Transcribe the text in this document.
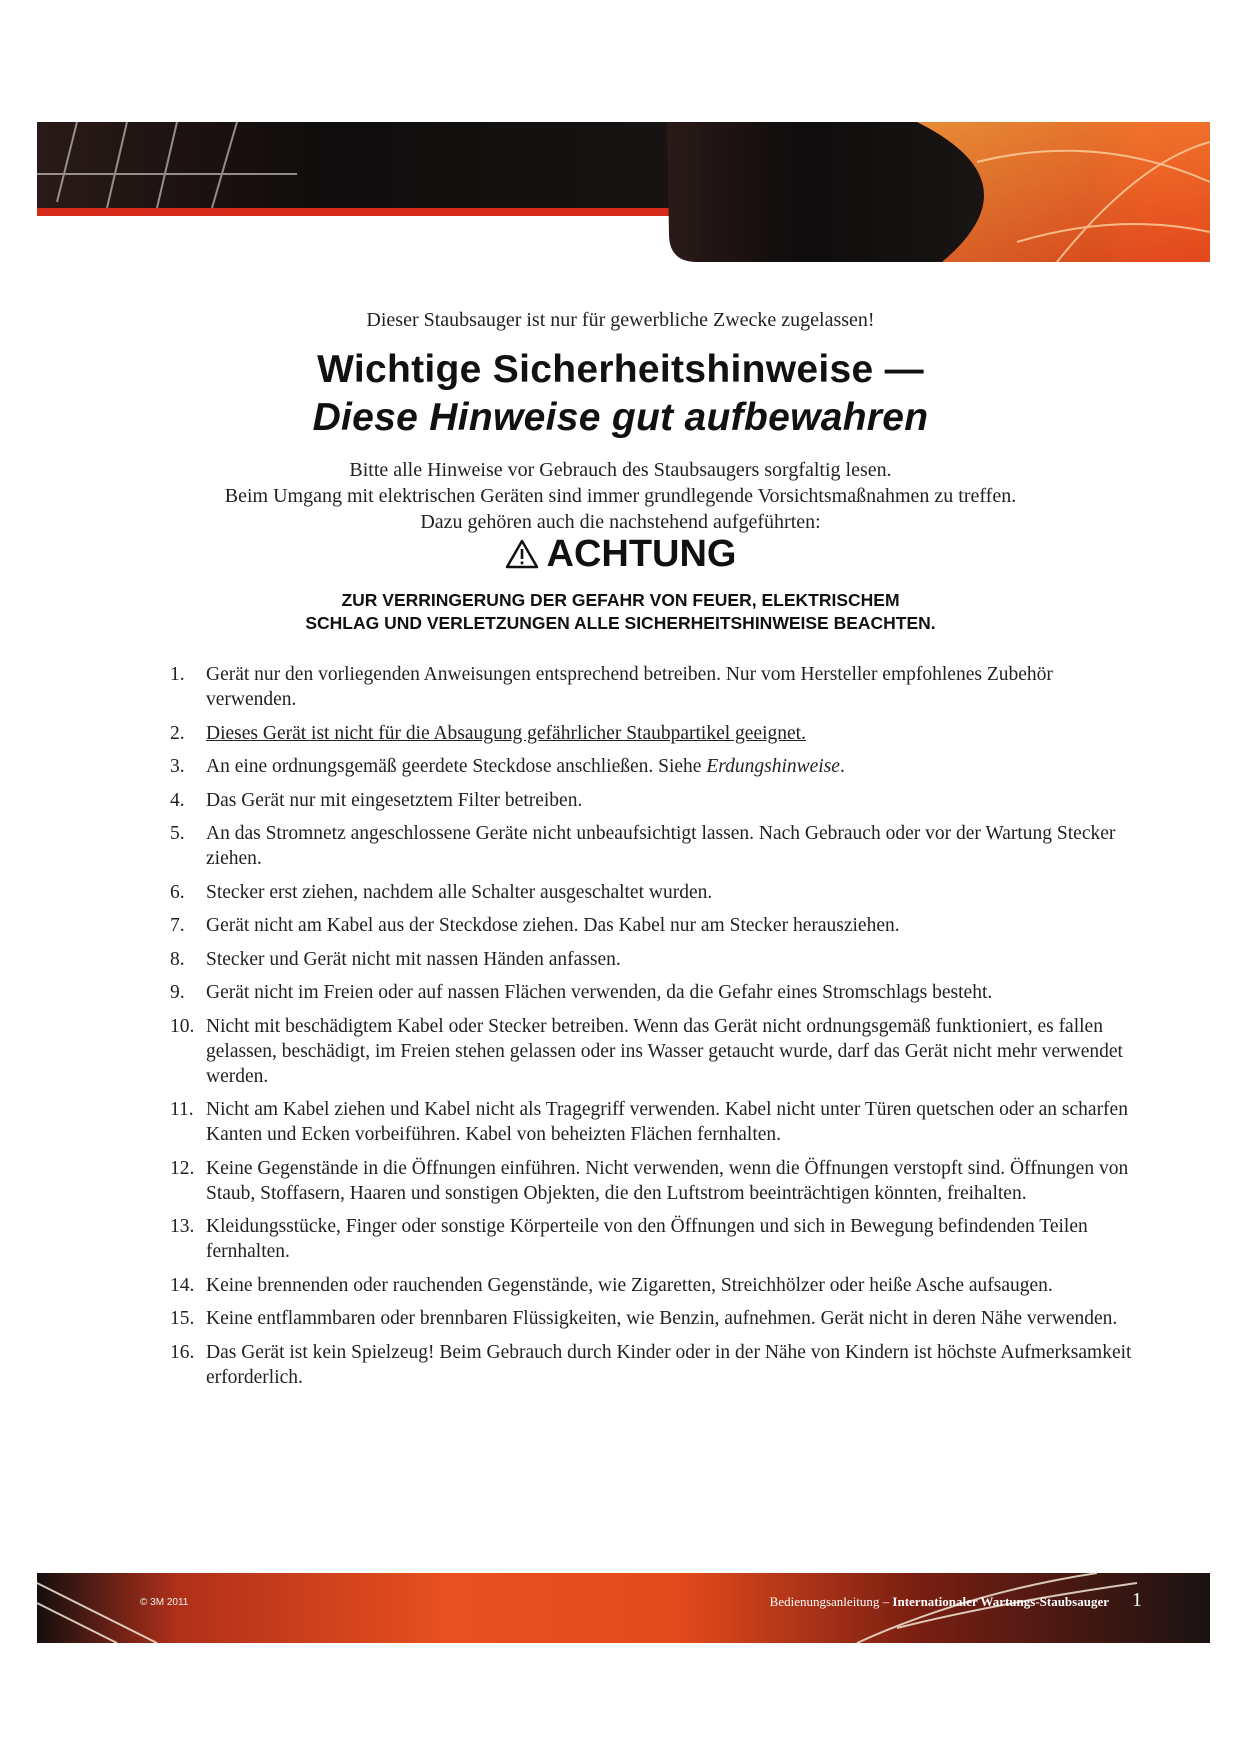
Dieser Staubsauger ist nur für gewerbliche Zwecke zugelassen!
Wichtige Sicherheitshinweise —
Diese Hinweise gut aufbewahren
Bitte alle Hinweise vor Gebrauch des Staubsaugers sorgfaltig lesen.
Beim Umgang mit elektrischen Geräten sind immer grundlegende Vorsichtsmaßnahmen zu treffen.
Dazu gehören auch die nachstehend aufgeführten:
ACHTUNG
ZUR VERRINGERUNG DER GEFAHR VON FEUER, ELEKTRISCHEM
SCHLAG UND VERLETZUNGEN ALLE SICHERHEITSHINWEISE BEACHTEN.
1. Gerät nur den vorliegenden Anweisungen entsprechend betreiben. Nur vom Hersteller empfohlenes Zubehör verwenden.
2. Dieses Gerät ist nicht für die Absaugung gefährlicher Staubpartikel geeignet.
3. An eine ordnungsgemäß geerdete Steckdose anschließen. Siehe Erdungshinweise.
4. Das Gerät nur mit eingesetztem Filter betreiben.
5. An das Stromnetz angeschlossene Geräte nicht unbeaufsichtigt lassen. Nach Gebrauch oder vor der Wartung Stecker ziehen.
6. Stecker erst ziehen, nachdem alle Schalter ausgeschaltet wurden.
7. Gerät nicht am Kabel aus der Steckdose ziehen. Das Kabel nur am Stecker herausziehen.
8. Stecker und Gerät nicht mit nassen Händen anfassen.
9. Gerät nicht im Freien oder auf nassen Flächen verwenden, da die Gefahr eines Stromschlags besteht.
10. Nicht mit beschädigtem Kabel oder Stecker betreiben. Wenn das Gerät nicht ordnungsgemäß funktioniert, es fallen gelassen, beschädigt, im Freien stehen gelassen oder ins Wasser getaucht wurde, darf das Gerät nicht mehr verwendet werden.
11. Nicht am Kabel ziehen und Kabel nicht als Tragegriff verwenden. Kabel nicht unter Türen quetschen oder an scharfen Kanten und Ecken vorbeiführen. Kabel von beheizten Flächen fernhalten.
12. Keine Gegenstände in die Öffnungen einführen. Nicht verwenden, wenn die Öffnungen verstopft sind. Öffnungen von Staub, Stoffasern, Haaren und sonstigen Objekten, die den Luftstrom beeinträchtigen könnten, freihalten.
13. Kleidungsstücke, Finger oder sonstige Körperteile von den Öffnungen und sich in Bewegung befindenden Teilen fernhalten.
14. Keine brennenden oder rauchenden Gegenstände, wie Zigaretten, Streichhölzer oder heiße Asche aufsaugen.
15. Keine entflammbaren oder brennbaren Flüssigkeiten, wie Benzin, aufnehmen. Gerät nicht in deren Nähe verwenden.
16. Das Gerät ist kein Spielzeug! Beim Gebrauch durch Kinder oder in der Nähe von Kindern ist höchste Aufmerksamkeit erforderlich.
© 3M 2011	Bedienungsanleitung – Internationaler Wartungs-Staubsauger 1
